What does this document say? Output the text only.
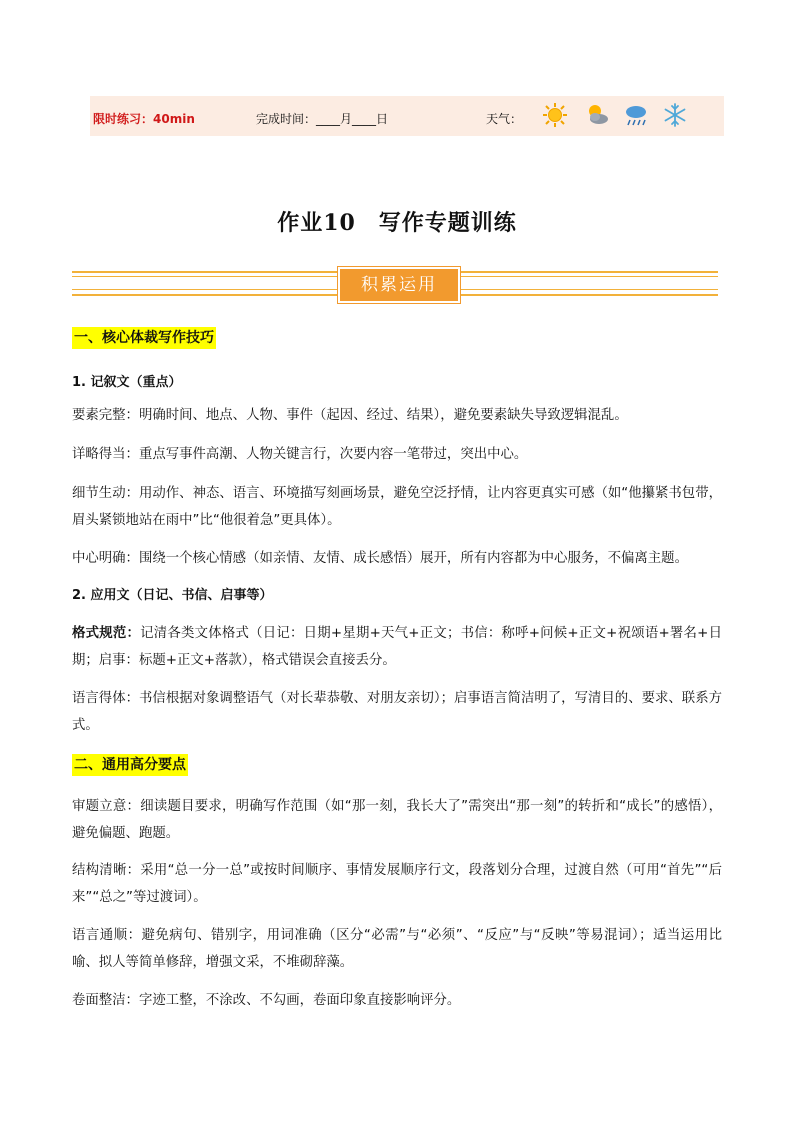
限时练习：40min	完成时间：____月____日	天气：
作业10　写作专题训练
积累运用
一、核心体裁写作技巧
1. 记叙文（重点）
要素完整：明确时间、地点、人物、事件（起因、经过、结果），避免要素缺失导致逻辑混乱。
详略得当：重点写事件高潮、人物关键言行，次要内容一笔带过，突出中心。
细节生动：用动作、神态、语言、环境描写刻画场景，避免空泛抒情，让内容更真实可感（如“他攥紧书包带，眉头紧锁地站在雨中”比“他很着急”更具体）。
中心明确：围绕一个核心情感（如亲情、友情、成长感悟）展开，所有内容都为中心服务，不偏离主题。
2. 应用文（日记、书信、启事等）
格式规范：记清各类文体格式（日记：日期+星期+天气+正文；书信：称呼+问候+正文+祝颂语+署名+日期；启事：标题+正文+落款），格式错误会直接丢分。
语言得体：书信根据对象调整语气（对长辈恭敬、对朋友亲切）；启事语言简洁明了，写清目的、要求、联系方式。
二、通用高分要点
审题立意：细读题目要求，明确写作范围（如“那一刻，我长大了”需突出“那一刻”的转折和“成长”的感悟），避免偏题、跑题。
结构清晰：采用“总一分一总”或按时间顺序、事情发展顺序行文，段落划分合理，过渡自然（可用“首先”“后来”“总之”等过渡词）。
语言通顺：避免病句、错别字，用词准确（区分“必需”与“必须”、“反应”与“反映”等易混词）；适当运用比喻、拟人等简单修辞，增强文采，不堆砌辞藻。
卷面整洁：字迹工整，不涂改、不勾画，卷面印象直接影响评分。
